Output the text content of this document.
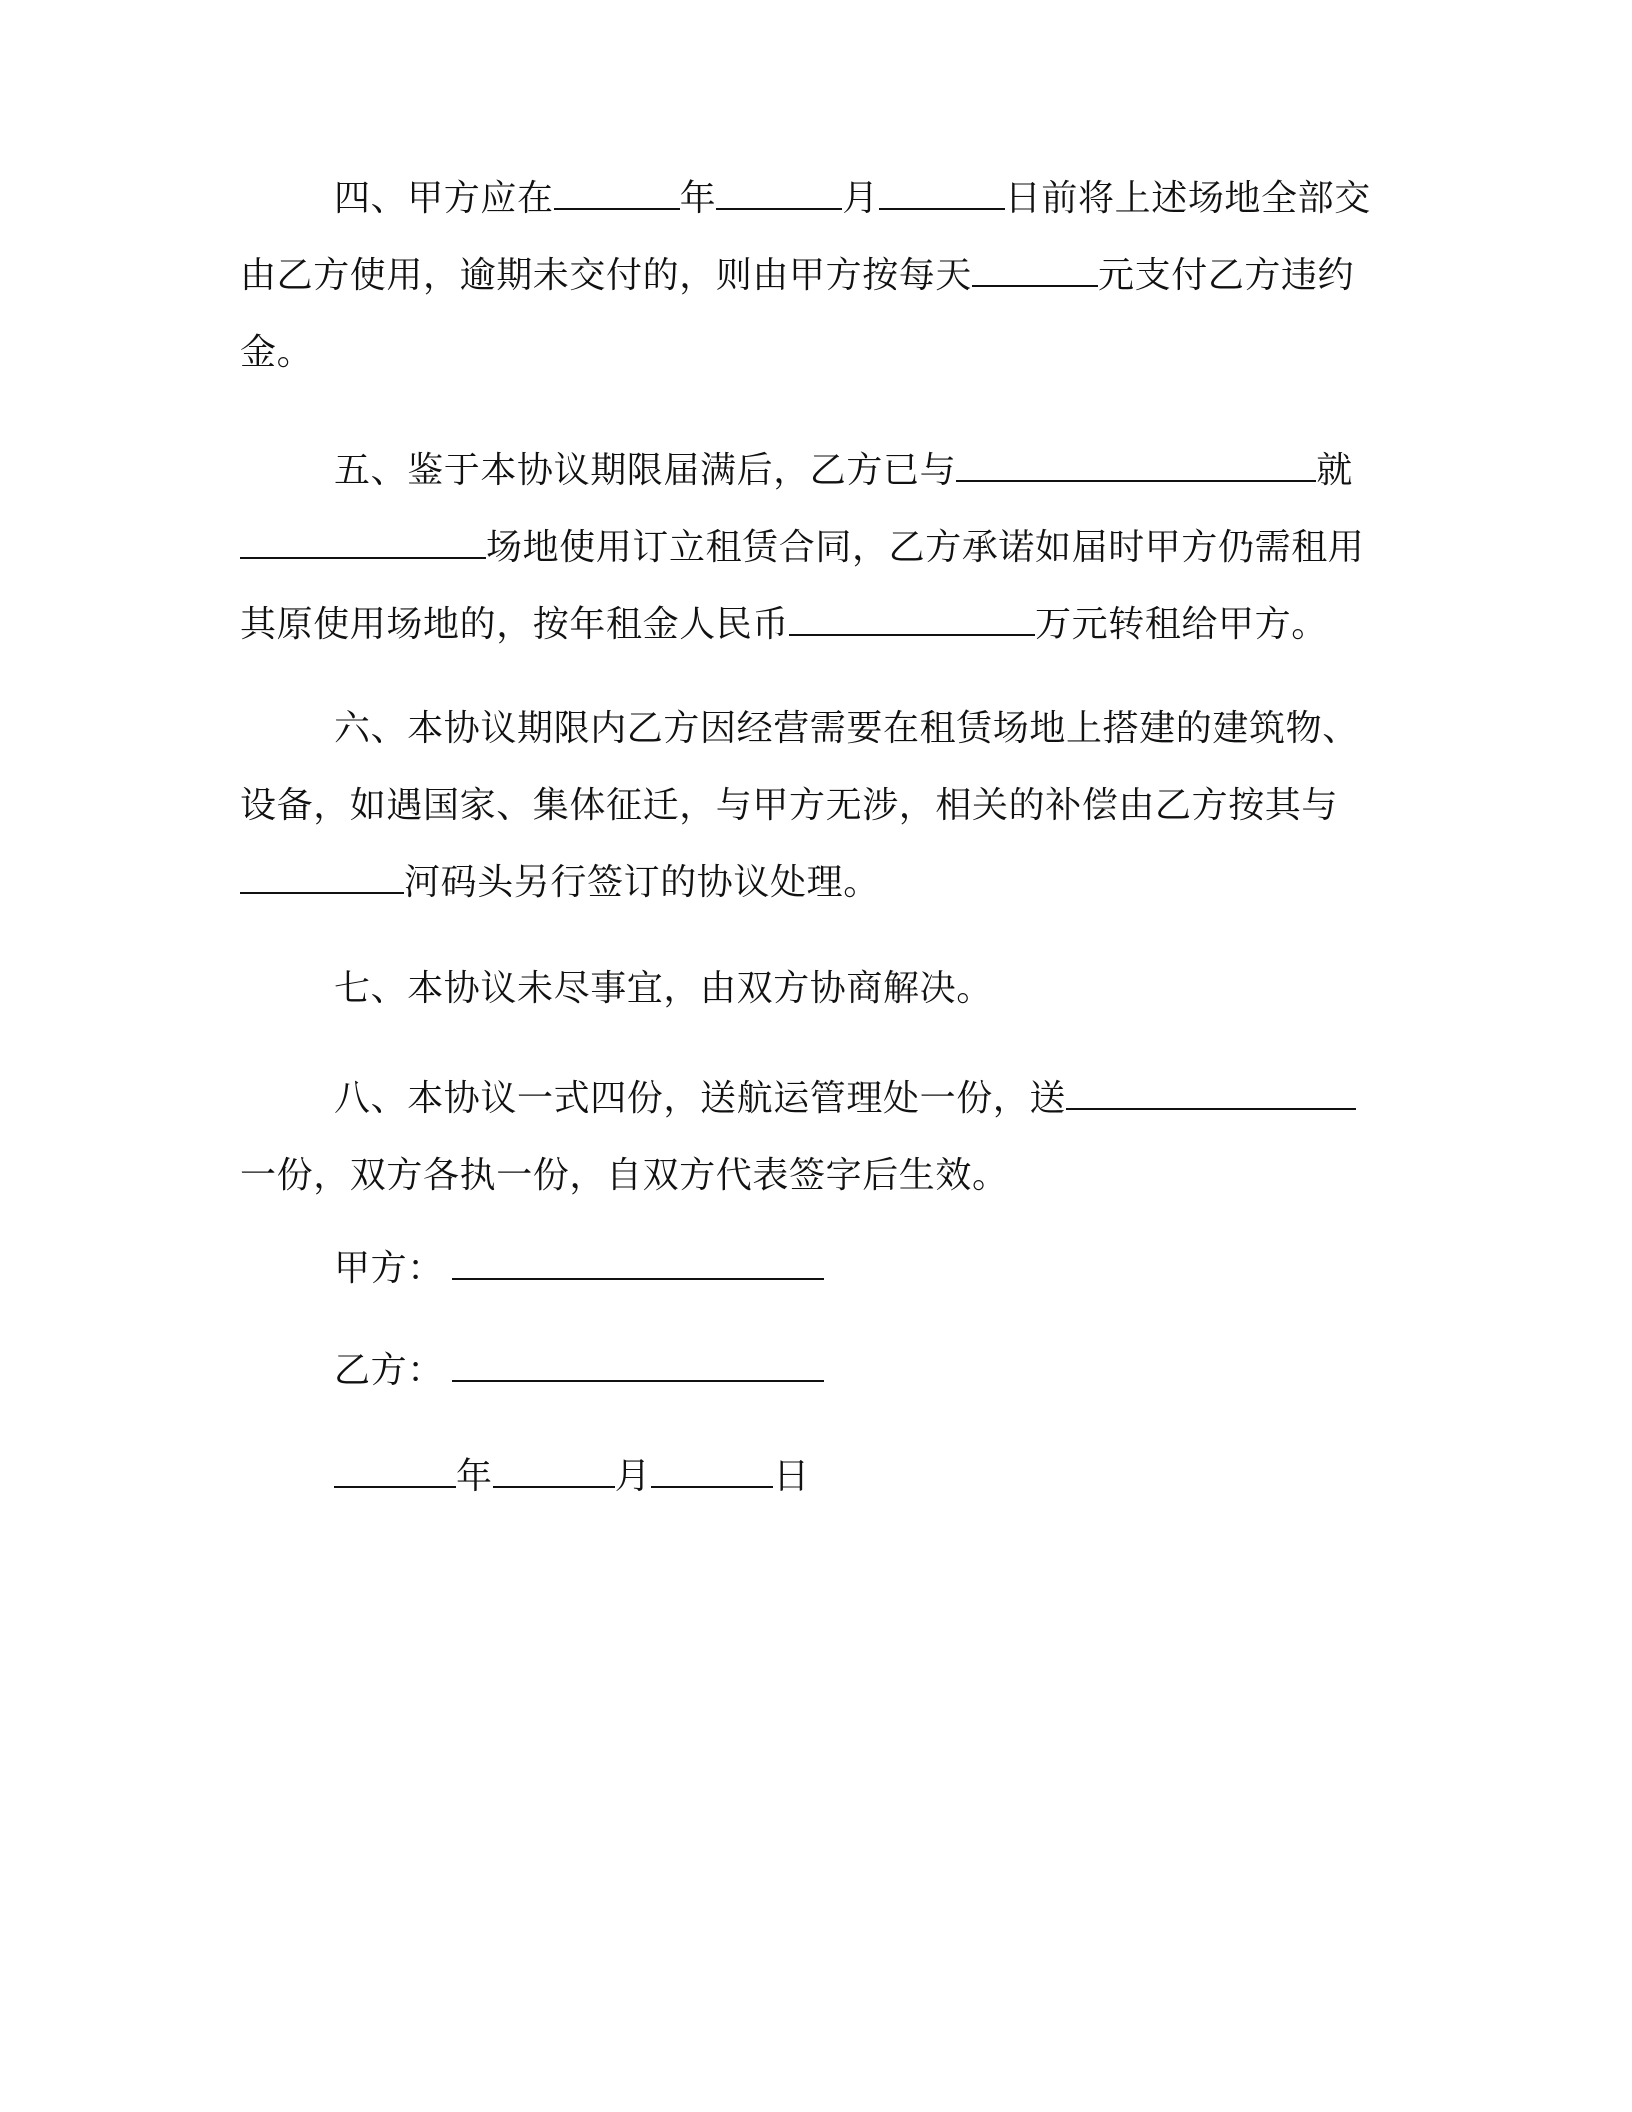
四、甲方应在	年	月	日前将上述场地全部交由乙方使用，逾期未交付的，则由甲方按每天	元支付乙方违约金。

五、鉴于本协议期限届满后，乙方已与	就场地使用订立租赁合同，乙方承诺如届时甲方仍需租用其原使用场地的，按年租金人民币	万元转租给甲方。

六、本协议期限内乙方因经营需要在租赁场地上搭建的建筑物、设备，如遇国家、集体征迁，与甲方无涉，相关的补偿由乙方按其与河码头另行签订的协议处理。

七、本协议未尽事宜，由双方协商解决。

八、本协议一式四份，送航运管理处一份，送一份，双方各执一份，自双方代表签字后生效。

甲方：
乙方：
年	月	日
